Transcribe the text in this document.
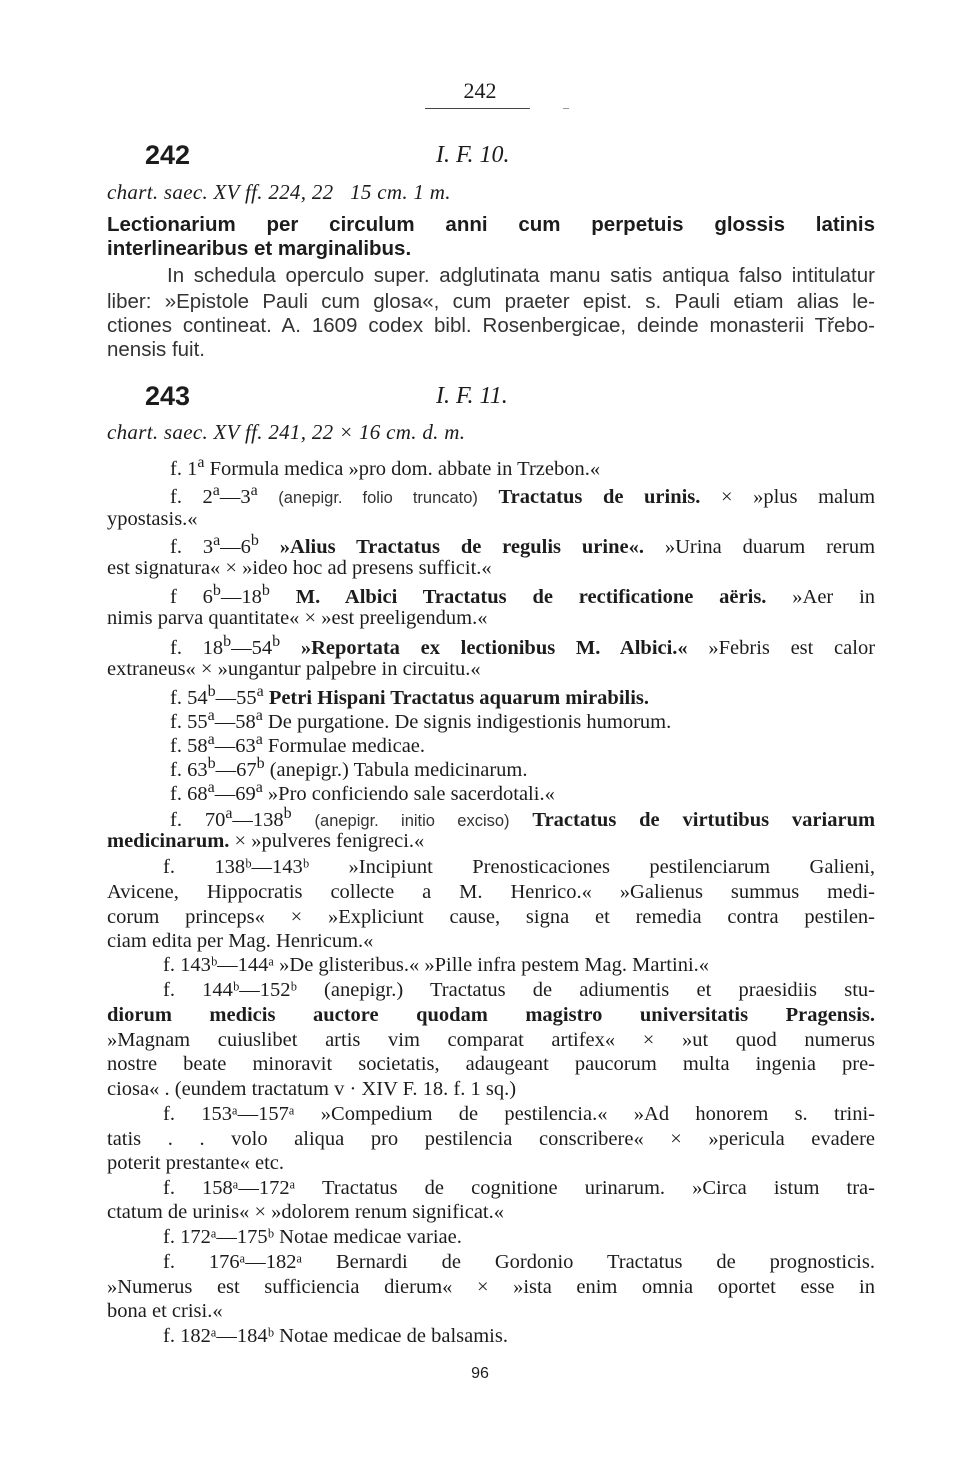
242
242	I. F. 10.
chart. saec. XV ff. 224, 22   15 cm. 1 m.
Lectionarium per circulum anni cum perpetuis glossis latinis
interlinearibus et marginalibus.
In schedula operculo super. adglutinata manu satis antiqua falso intitulatur
liber: »Epistole Pauli cum glosa«, cum praeter epist. s. Pauli etiam alias le-
ctiones contineat. A. 1609 codex bibl. Rosenbergicae, deinde monasterii Třebo-
nensis fuit.
243	I. F. 11.
chart. saec. XV ff. 241, 22 × 16 cm. d. m.
f. 1$^a$ Formula medica »pro dom. abbate in Trzebon.«
f. 2$^a$—3$^a$ (anepigr. folio truncato) Tractatus de urinis. × »plus malum
ypostasis.«
f. 3$^a$—6$^b$ »Alius Tractatus de regulis urine«. »Urina duarum rerum
est signatura« × »ideo hoc ad presens sufficit.«
f 6$^b$—18$^b$ M. Albici Tractatus de rectificatione aëris. »Aer in
nimis parva quantitate« × »est preeligendum.«
f. 18$^b$—54$^b$ »Reportata ex lectionibus M. Albici.« »Febris est calor
extraneus« × »ungantur palpebre in circuitu.«
f. 54$^b$—55$^a$ Petri Hispani Tractatus aquarum mirabilis.
f. 55$^a$—58$^a$ De purgatione. De signis indigestionis humorum.
f. 58$^a$—63$^a$ Formulae medicae.
f. 63$^b$—67$^b$ (anepigr.) Tabula medicinarum.
f. 68$^a$—69$^a$ »Pro conficiendo sale sacerdotali.«
f. 70$^a$—138$^b$ (anepigr. initio exciso) Tractatus de virtutibus variarum
medicinarum. × »pulveres fenigreci.«
f. 138ᵇ—143ᵇ »Incipiunt Prenosticaciones pestilenciarum Galieni,
Avicene, Hippocratis collecte a M. Henrico.« »Galienus summus medi-
corum princeps« × »Expliciunt cause, signa et remedia contra pestilen-
ciam edita per Mag. Henricum.«
f. 143ᵇ—144ᵃ »De glisteribus.« »Pille infra pestem Mag. Martini.«
f. 144ᵇ—152ᵇ (anepigr.) Tractatus de adiumentis et praesidiis stu-
diorum medicis auctore quodam magistro universitatis Pragensis.
»Magnam cuiuslibet artis vim comparat artifex« × »ut quod numerus
nostre beate minoravit societatis, adaugeant paucorum multa ingenia pre-
ciosa« . (eundem tractatum v · XIV F. 18. f. 1 sq.)
f. 153ᵃ—157ᵃ »Compedium de pestilencia.« »Ad honorem s. trini-
tatis . . volo aliqua pro pestilencia conscribere« × »pericula evadere
poterit prestante« etc.
f. 158ᵃ—172ᵃ Tractatus de cognitione urinarum. »Circa istum tra-
ctatum de urinis« × »dolorem renum significat.«
f. 172ᵃ—175ᵇ Notae medicae variae.
f. 176ᵃ—182ᵃ Bernardi de Gordonio Tractatus de prognosticis.
»Numerus est sufficiencia dierum« × »ista enim omnia oportet esse in
bona et crisi.«
f. 182ᵃ—184ᵇ Notae medicae de balsamis.
96
